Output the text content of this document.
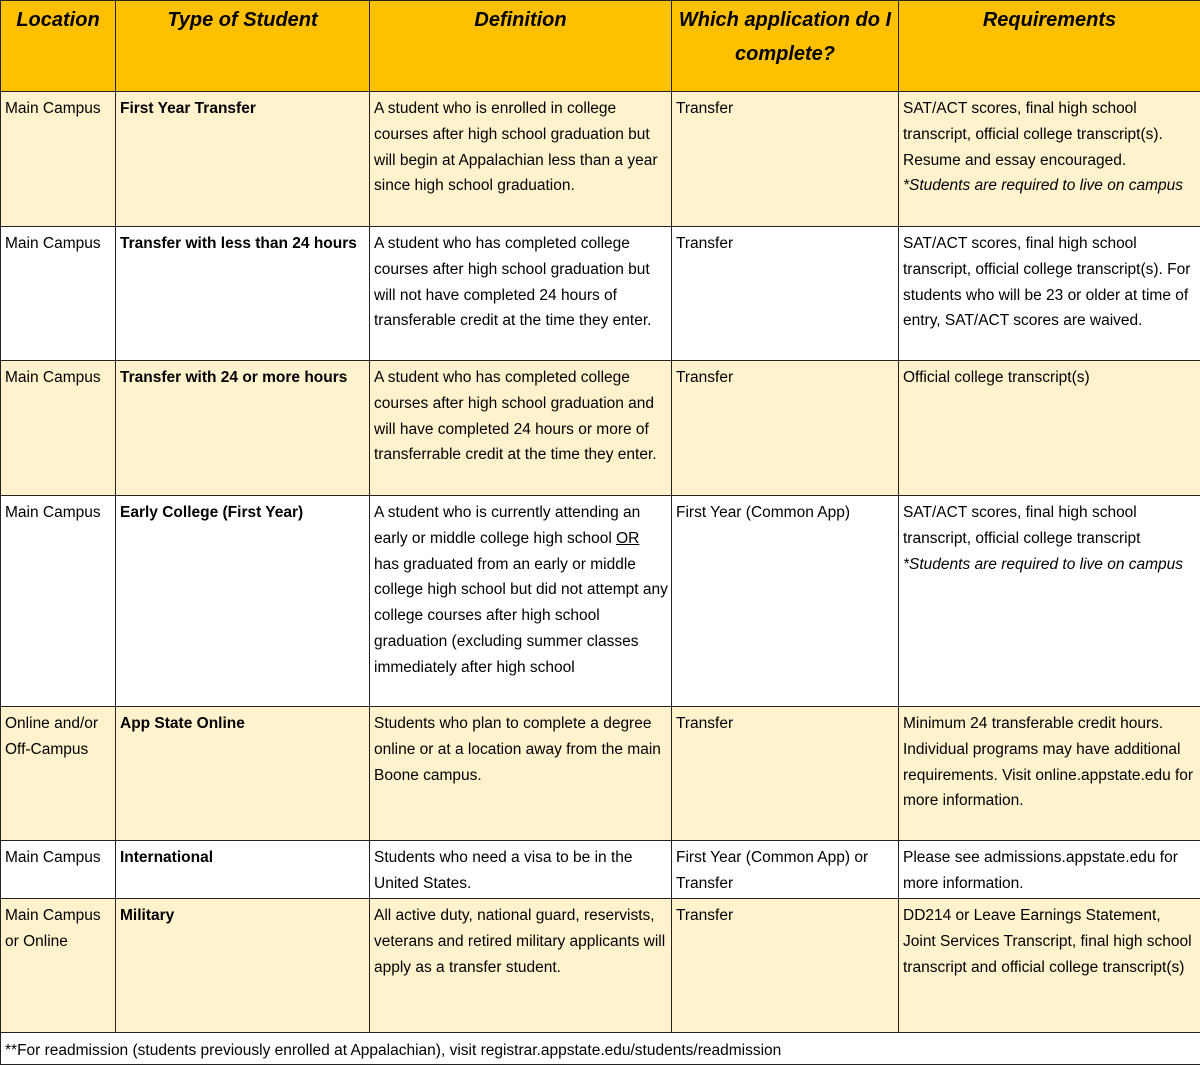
Location	Type of Student	Definition	Which application do I complete?	Requirements
Main Campus	First Year Transfer	A student who is enrolled in college courses after high school graduation but will begin at Appalachian less than a year since high school graduation.	Transfer	SAT/ACT scores, final high school transcript, official college transcript(s). Resume and essay encouraged.
*Students are required to live on campus
Main Campus	Transfer with less than 24 hours	A student who has completed college courses after high school graduation but will not have completed 24 hours of transferable credit at the time they enter.	Transfer	SAT/ACT scores, final high school transcript, official college transcript(s). For students who will be 23 or older at time of entry, SAT/ACT scores are waived.
Main Campus	Transfer with 24 or more hours	A student who has completed college courses after high school graduation and will have completed 24 hours or more of transferrable credit at the time they enter.	Transfer	Official college transcript(s)
Main Campus	Early College (First Year)	A student who is currently attending an early or middle college high school OR has graduated from an early or middle college high school but did not attempt any college courses after high school graduation (excluding summer classes immediately after high school	First Year (Common App)	SAT/ACT scores, final high school transcript, official college transcript
*Students are required to live on campus
Online and/or Off-Campus	App State Online	Students who plan to complete a degree online or at a location away from the main Boone campus.	Transfer	Minimum 24 transferable credit hours. Individual programs may have additional requirements. Visit online.appstate.edu for more information.
Main Campus	International	Students who need a visa to be in the United States.	First Year (Common App) or Transfer	Please see admissions.appstate.edu for more information.
Main Campus or Online	Military	All active duty, national guard, reservists, veterans and retired military applicants will apply as a transfer student.	Transfer	DD214 or Leave Earnings Statement, Joint Services Transcript, final high school transcript and official college transcript(s)
**For readmission (students previously enrolled at Appalachian), visit registrar.appstate.edu/students/readmission				
